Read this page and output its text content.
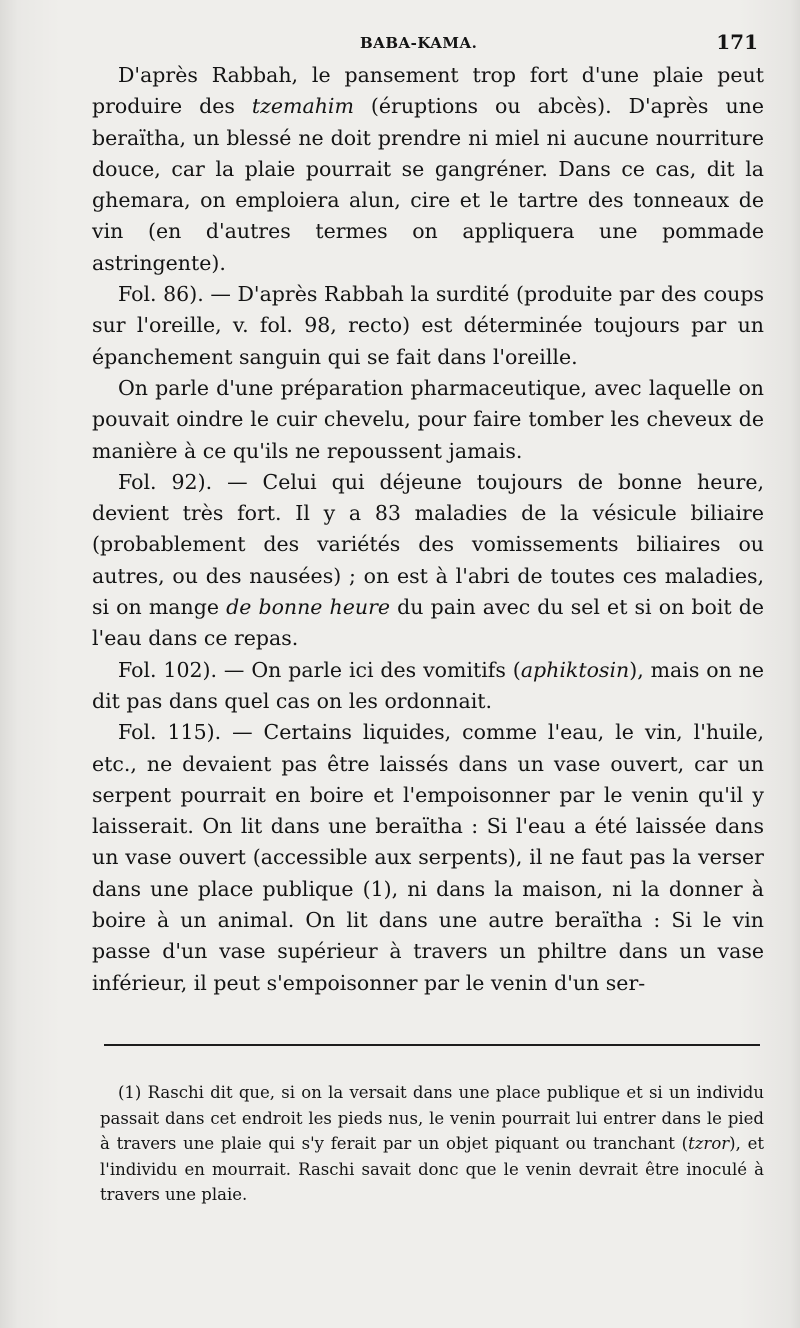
BABA-KAMA.	171

D'après Rabbah, le pansement trop fort d'une plaie peut produire des tzemahim (éruptions ou abcès). D'après une beraïtha, un blessé ne doit prendre ni miel ni aucune nourriture douce, car la plaie pourrait se gangréner. Dans ce cas, dit la ghemara, on emploiera alun, cire et le tartre des tonneaux de vin (en d'autres termes on appliquera une pommade astringente).

Fol. 86). — D'après Rabbah la surdité (produite par des coups sur l'oreille, v. fol. 98, recto) est déterminée toujours par un épanchement sanguin qui se fait dans l'oreille.

On parle d'une préparation pharmaceutique, avec laquelle on pouvait oindre le cuir chevelu, pour faire tomber les cheveux de manière à ce qu'ils ne repoussent jamais.

Fol. 92). — Celui qui déjeune toujours de bonne heure, devient très fort. Il y a 83 maladies de la vésicule biliaire (probablement des variétés des vomissements biliaires ou autres, ou des nausées) ; on est à l'abri de toutes ces maladies, si on mange de bonne heure du pain avec du sel et si on boit de l'eau dans ce repas.

Fol. 102). — On parle ici des vomitifs (aphiktosin), mais on ne dit pas dans quel cas on les ordonnait.

Fol. 115). — Certains liquides, comme l'eau, le vin, l'huile, etc., ne devaient pas être laissés dans un vase ouvert, car un serpent pourrait en boire et l'empoisonner par le venin qu'il y laisserait. On lit dans une beraïtha : Si l'eau a été laissée dans un vase ouvert (accessible aux serpents), il ne faut pas la verser dans une place publique (1), ni dans la maison, ni la donner à boire à un animal. On lit dans une autre beraïtha : Si le vin passe d'un vase supérieur à travers un philtre dans un vase inférieur, il peut s'empoisonner par le venin d'un ser-

(1) Raschi dit que, si on la versait dans une place publique et si un individu passait dans cet endroit les pieds nus, le venin pourrait lui entrer dans le pied à travers une plaie qui s'y ferait par un objet piquant ou tranchant (tzror), et l'individu en mourrait. Raschi savait donc que le venin devrait être inoculé à travers une plaie.
